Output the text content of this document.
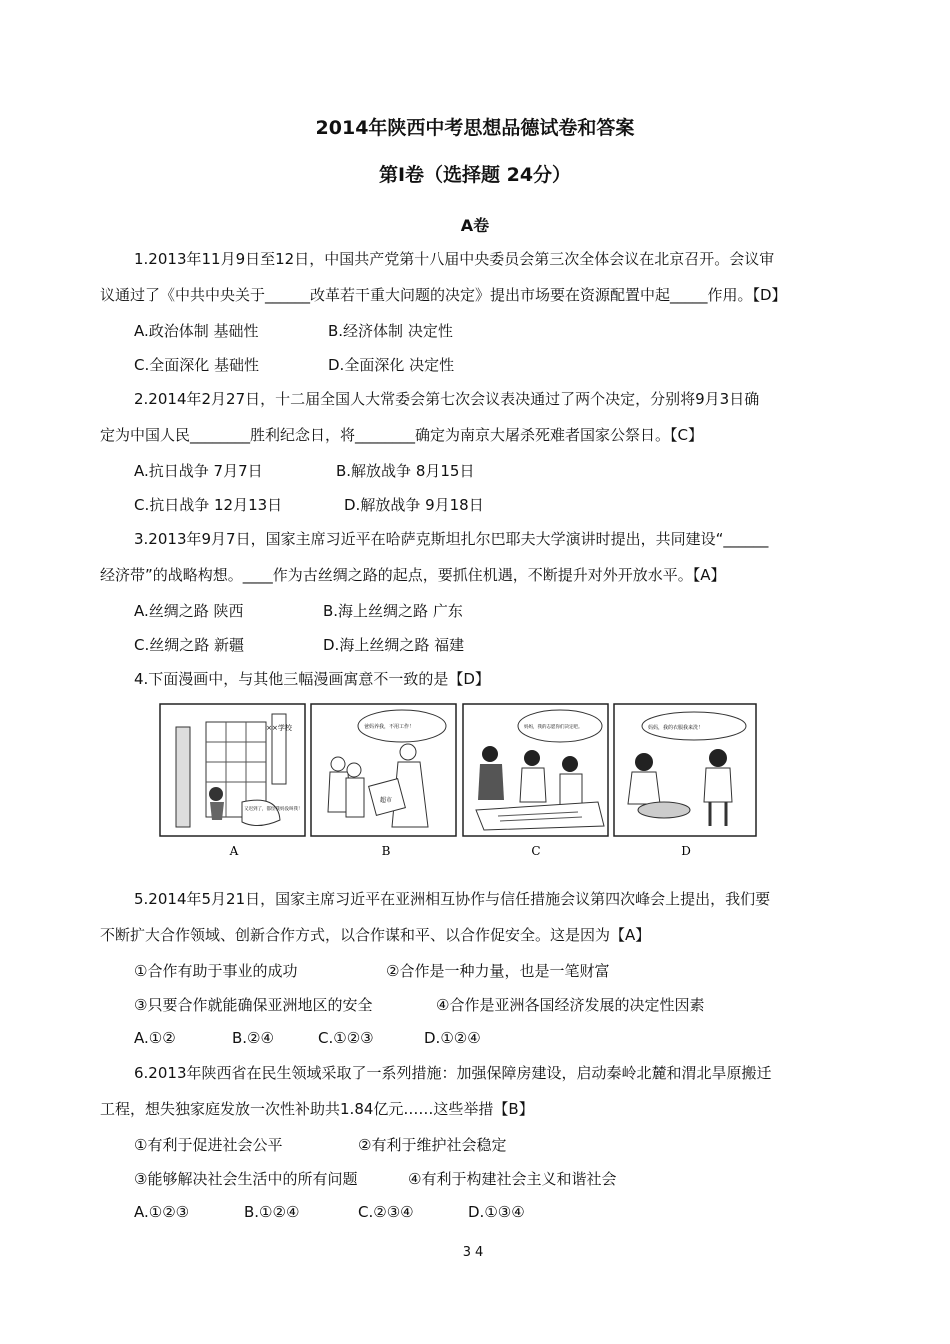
2014年陕西中考思想品德试卷和答案
第I卷（选择题 24分）
A卷
1.2013年11月9日至12日，中国共产党第十八届中央委员会第三次全体会议在北京召开。会议审
议通过了《中共中央关于______改革若干重大问题的决定》提出市场要在资源配置中起_____作用。【D】
A.政治体制 基础性	B.经济体制 决定性
C.全面深化 基础性	D.全面深化 决定性
2.2014年2月27日，十二届全国人大常委会第七次会议表决通过了两个决定，分别将9月3日确
定为中国人民________胜利纪念日，将________确定为南京大屠杀死难者国家公祭日。【C】
A.抗日战争 7月7日	B.解放战争 8月15日
C.抗日战争 12月13日	D.解放战争 9月18日
3.2013年9月7日，国家主席习近平在哈萨克斯坦扎尔巴耶夫大学演讲时提出，共同建设“______
经济带”的战略构想。____作为古丝绸之路的起点，要抓住机遇，不断提升对外开放水平。【A】
A.丝绸之路 陕西	B.海上丝绸之路 广东
C.丝绸之路 新疆	D.海上丝绸之路 福建
4.下面漫画中，与其他三幅漫画寓意不一致的是【D】
××学校
又迟到了，都怪我妈没叫我！
爸妈养我，不用工作！
超市
妈妈，我的志愿你们决定吧。	妈妈，我的衣服我来洗！
A	B	C	D
5.2014年5月21日，国家主席习近平在亚洲相互协作与信任措施会议第四次峰会上提出，我们要
不断扩大合作领域、创新合作方式，以合作谋和平、以合作促安全。这是因为【A】
①合作有助于事业的成功	②合作是一种力量，也是一笔财富
③只要合作就能确保亚洲地区的安全	④合作是亚洲各国经济发展的决定性因素
A.①②	B.②④	C.①②③	D.①②④
6.2013年陕西省在民生领域采取了一系列措施：加强保障房建设，启动秦岭北麓和渭北旱原搬迁
工程，想失独家庭发放一次性补助共1.84亿元……这些举措【B】
①有利于促进社会公平	②有利于维护社会稳定
③能够解决社会生活中的所有问题	④有利于构建社会主义和谐社会
A.①②③	B.①②④	C.②③④	D.①③④
34
